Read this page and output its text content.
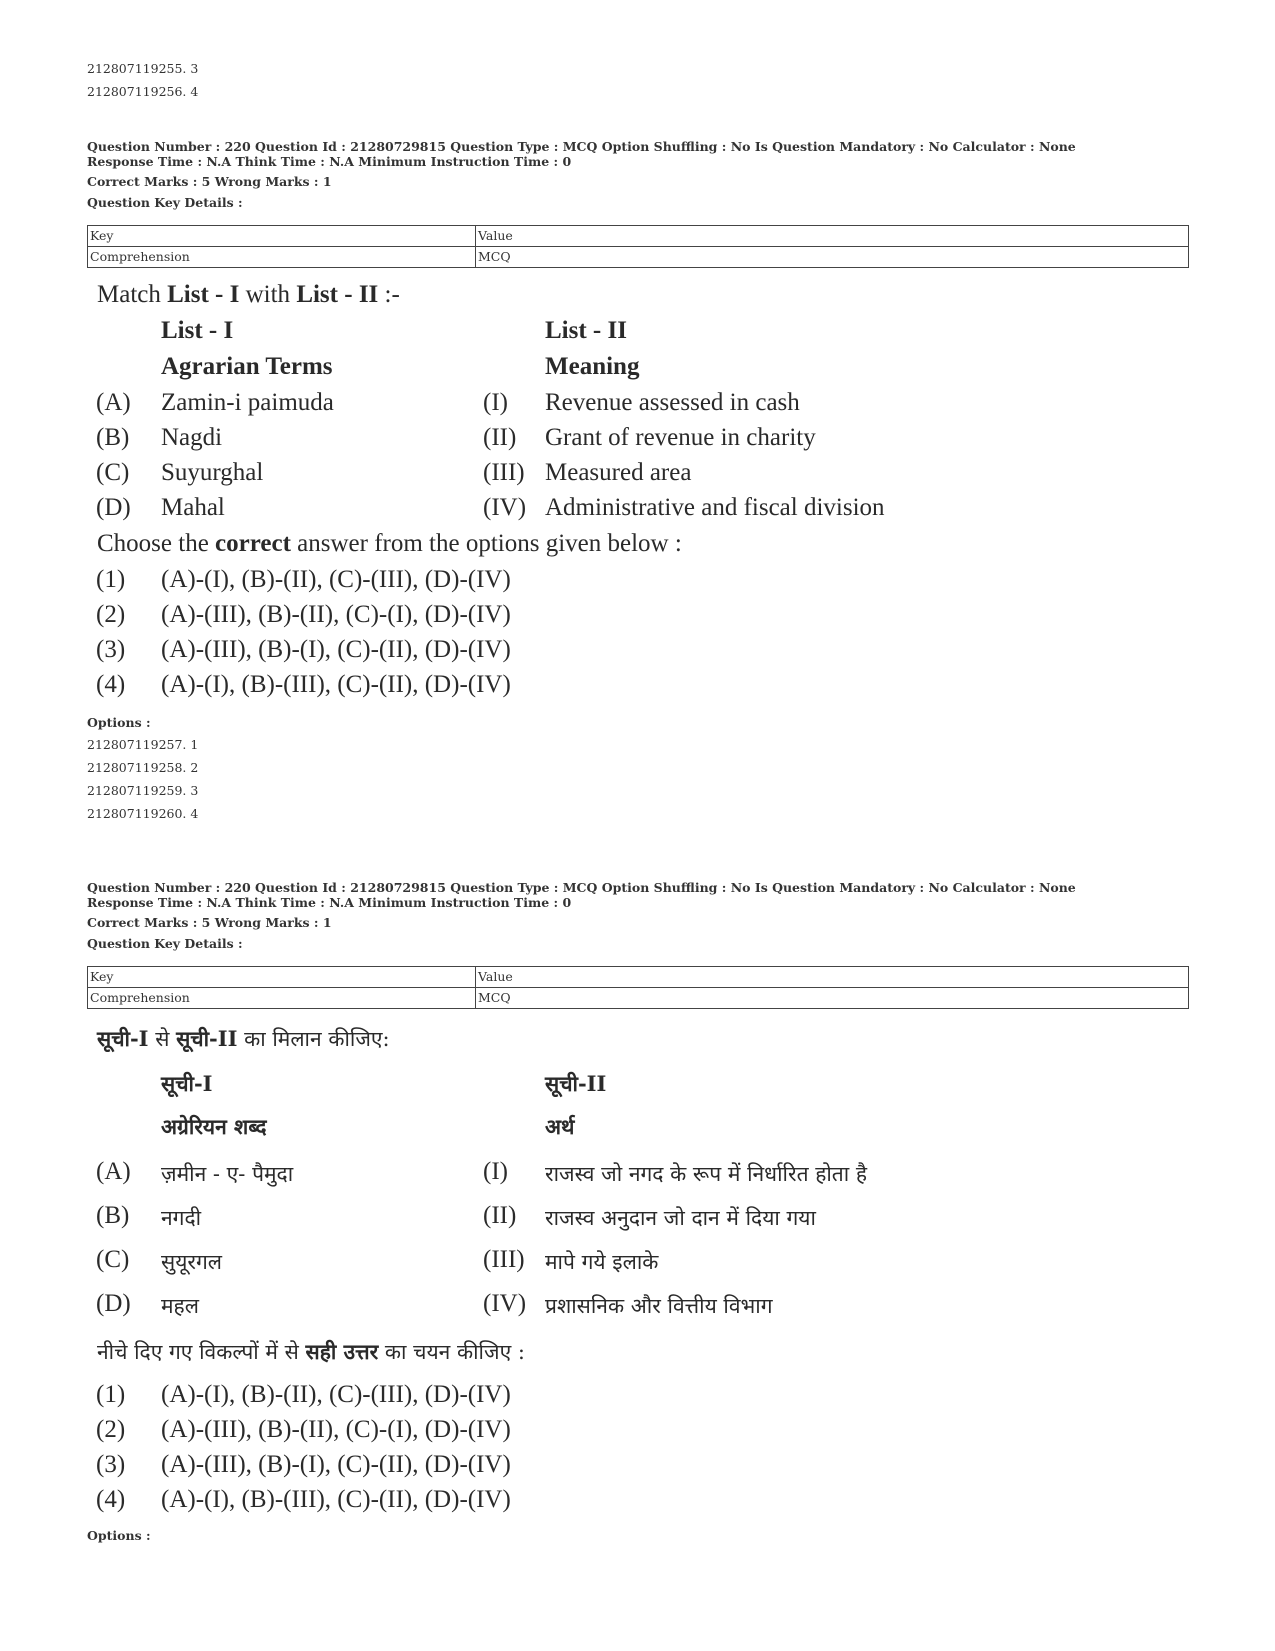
212807119255. 3
212807119256. 4
Question Number : 220 Question Id : 21280729815 Question Type : MCQ Option Shuffling : No Is Question Mandatory : No Calculator : None
Response Time : N.A Think Time : N.A Minimum Instruction Time : 0
Correct Marks : 5 Wrong Marks : 1
Question Key Details :
Key	Value
Comprehension	MCQ
Match List - I with List - II :-
List - I	List - II
Agrarian Terms	Meaning
(A) Zamin-i paimuda	(I) Revenue assessed in cash
(B) Nagdi	(II) Grant of revenue in charity
(C) Suyurghal	(III) Measured area
(D) Mahal	(IV) Administrative and fiscal division
Choose the correct answer from the options given below :
(1) (A)-(I), (B)-(II), (C)-(III), (D)-(IV)
(2) (A)-(III), (B)-(II), (C)-(I), (D)-(IV)
(3) (A)-(III), (B)-(I), (C)-(II), (D)-(IV)
(4) (A)-(I), (B)-(III), (C)-(II), (D)-(IV)
Options :
212807119257. 1
212807119258. 2
212807119259. 3
212807119260. 4
Question Number : 220 Question Id : 21280729815 Question Type : MCQ Option Shuffling : No Is Question Mandatory : No Calculator : None
Response Time : N.A Think Time : N.A Minimum Instruction Time : 0
Correct Marks : 5 Wrong Marks : 1
Question Key Details :
Key	Value
Comprehension	MCQ
सूची-I से सूची-II का मिलान कीजिए:
सूची-I	सूची-II
अग्रेरियन शब्द	अर्थ
(A) ज़मीन - ए- पैमुदा	(I) राजस्व जो नगद के रूप में निर्धारित होता है
(B) नगदी	(II) राजस्व अनुदान जो दान में दिया गया
(C) सुयूरगल	(III) मापे गये इलाके
(D) महल	(IV) प्रशासनिक और वित्तीय विभाग
नीचे दिए गए विकल्पों में से सही उत्तर का चयन कीजिए :
(1) (A)-(I), (B)-(II), (C)-(III), (D)-(IV)
(2) (A)-(III), (B)-(II), (C)-(I), (D)-(IV)
(3) (A)-(III), (B)-(I), (C)-(II), (D)-(IV)
(4) (A)-(I), (B)-(III), (C)-(II), (D)-(IV)
Options :
